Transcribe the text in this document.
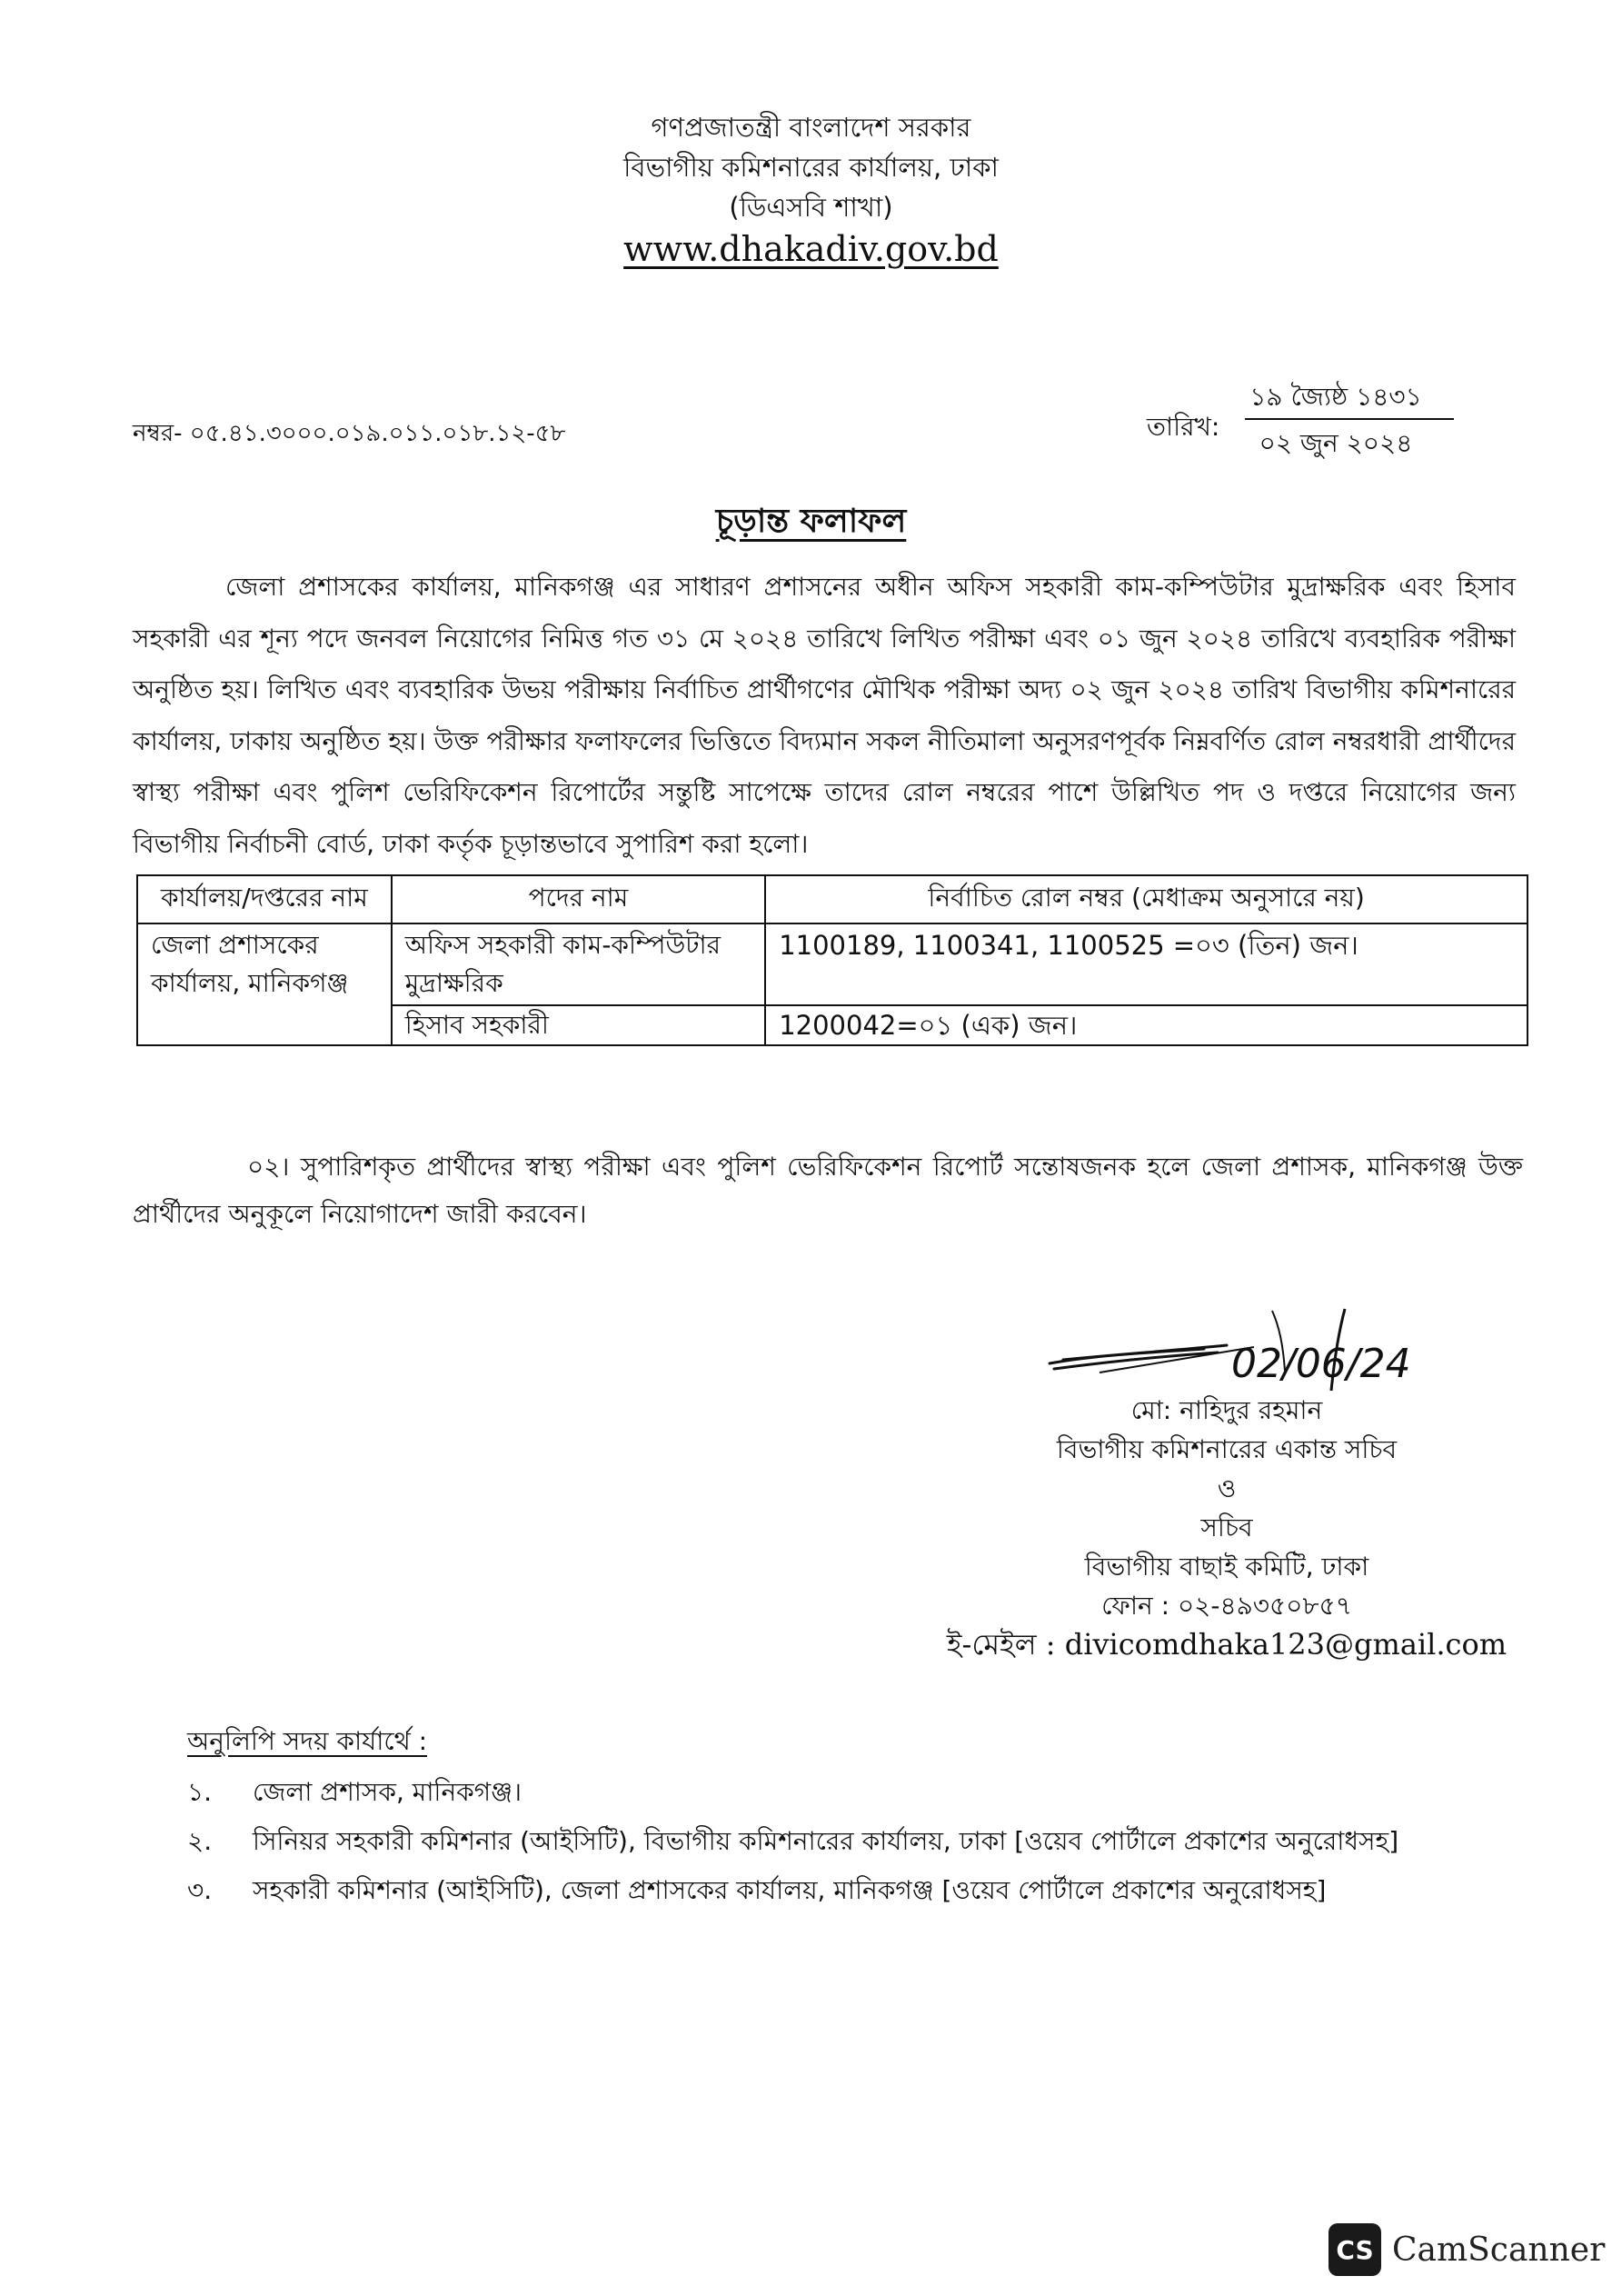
গণপ্রজাতন্ত্রী বাংলাদেশ সরকার
বিভাগীয় কমিশনারের কার্যালয়, ঢাকা
(ডিএসবি শাখা)
www.dhakadiv.gov.bd
নম্বর- ০৫.৪১.৩০০০.০১৯.০১১.০১৮.১২-৫৮	তারিখ:
১৯ জ্যৈষ্ঠ ১৪৩১
০২ জুন ২০২৪
চূড়ান্ত ফলাফল
জেলা প্রশাসকের কার্যালয়, মানিকগঞ্জ এর সাধারণ প্রশাসনের অধীন অফিস সহকারী কাম-কম্পিউটার মুদ্রাক্ষরিক এবং হিসাব সহকারী এর শূন্য পদে জনবল নিয়োগের নিমিত্ত গত ৩১ মে ২০২৪ তারিখে লিখিত পরীক্ষা এবং ০১ জুন ২০২৪ তারিখে ব্যবহারিক পরীক্ষা অনুষ্ঠিত হয়। লিখিত এবং ব্যবহারিক উভয় পরীক্ষায় নির্বাচিত প্রার্থীগণের মৌখিক পরীক্ষা অদ্য ০২ জুন ২০২৪ তারিখ বিভাগীয় কমিশনারের কার্যালয়, ঢাকায় অনুষ্ঠিত হয়। উক্ত পরীক্ষার ফলাফলের ভিত্তিতে বিদ্যমান সকল নীতিমালা অনুসরণপূর্বক নিম্নবর্ণিত রোল নম্বরধারী প্রার্থীদের স্বাস্থ্য পরীক্ষা এবং পুলিশ ভেরিফিকেশন রিপোর্টের সন্তুষ্টি সাপেক্ষে তাদের রোল নম্বরের পাশে উল্লিখিত পদ ও দপ্তরে নিয়োগের জন্য বিভাগীয় নির্বাচনী বোর্ড, ঢাকা কর্তৃক চূড়ান্তভাবে সুপারিশ করা হলো।
কার্যালয়/দপ্তরের নাম	পদের নাম	নির্বাচিত রোল নম্বর (মেধাক্রম অনুসারে নয়)
জেলা প্রশাসকের কার্যালয়, মানিকগঞ্জ	অফিস সহকারী কাম-কম্পিউটার মুদ্রাক্ষরিক	1100189, 1100341, 1100525 =০৩ (তিন) জন।
	হিসাব সহকারী	1200042=০১ (এক) জন।
০২। সুপারিশকৃত প্রার্থীদের স্বাস্থ্য পরীক্ষা এবং পুলিশ ভেরিফিকেশন রিপোর্ট সন্তোষজনক হলে জেলা প্রশাসক, মানিকগঞ্জ উক্ত প্রার্থীদের অনুকূলে নিয়োগাদেশ জারী করবেন।
02/06/24
মো: নাহিদুর রহমান
বিভাগীয় কমিশনারের একান্ত সচিব
ও
সচিব
বিভাগীয় বাছাই কমিটি, ঢাকা
ফোন : ০২-৪৯৩৫০৮৫৭
ই-মেইল : divicomdhaka123@gmail.com
অনুলিপি সদয় কার্যার্থে :
১.	জেলা প্রশাসক, মানিকগঞ্জ।
২.	সিনিয়র সহকারী কমিশনার (আইসিটি), বিভাগীয় কমিশনারের কার্যালয়, ঢাকা [ওয়েব পোর্টালে প্রকাশের অনুরোধসহ]
৩.	সহকারী কমিশনার (আইসিটি), জেলা প্রশাসকের কার্যালয়, মানিকগঞ্জ [ওয়েব পোর্টালে প্রকাশের অনুরোধসহ]
CS CamScanner
